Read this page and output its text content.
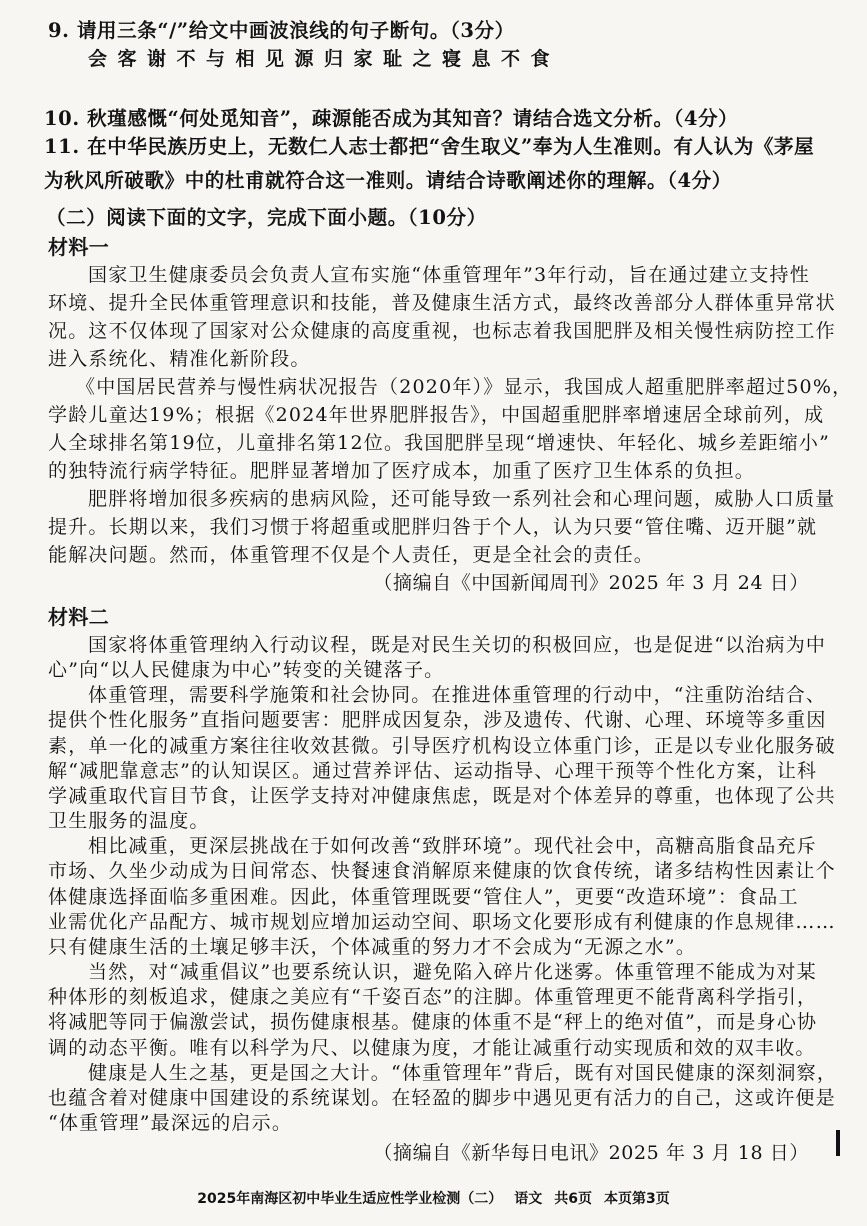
9. 请用三条“/”给文中画波浪线的句子断句。（3分）
会客谢不与相见源归家耻之寝息不食
10. 秋瑾感慨“何处觅知音”，疎源能否成为其知音？请结合选文分析。（4分）
11. 在中华民族历史上，无数仁人志士都把“舍生取义”奉为人生准则。有人认为《茅屋
为秋风所破歌》中的杜甫就符合这一准则。请结合诗歌阐述你的理解。（4分）
（二）阅读下面的文字，完成下面小题。（10分）
材料一
国家卫生健康委员会负责人宣布实施“体重管理年”3年行动，旨在通过建立支持性
环境、提升全民体重管理意识和技能，普及健康生活方式，最终改善部分人群体重异常状
况。这不仅体现了国家对公众健康的高度重视，也标志着我国肥胖及相关慢性病防控工作
进入系统化、精准化新阶段。
《中国居民营养与慢性病状况报告（2020年）》显示，我国成人超重肥胖率超过50%，
学龄儿童达19%；根据《2024年世界肥胖报告》，中国超重肥胖率增速居全球前列，成
人全球排名第19位，儿童排名第12位。我国肥胖呈现“增速快、年轻化、城乡差距缩小”
的独特流行病学特征。肥胖显著增加了医疗成本，加重了医疗卫生体系的负担。
肥胖将增加很多疾病的患病风险，还可能导致一系列社会和心理问题，威胁人口质量
提升。长期以来，我们习惯于将超重或肥胖归咎于个人，认为只要“管住嘴、迈开腿”就
能解决问题。然而，体重管理不仅是个人责任，更是全社会的责任。
（摘编自《中国新闻周刊》2025 年 3 月 24 日）
材料二
国家将体重管理纳入行动议程，既是对民生关切的积极回应，也是促进“以治病为中
心”向“以人民健康为中心”转变的关键落子。
体重管理，需要科学施策和社会协同。在推进体重管理的行动中，“注重防治结合、
提供个性化服务”直指问题要害：肥胖成因复杂，涉及遗传、代谢、心理、环境等多重因
素，单一化的减重方案往往收效甚微。引导医疗机构设立体重门诊，正是以专业化服务破
解“减肥靠意志”的认知误区。通过营养评估、运动指导、心理干预等个性化方案，让科
学减重取代盲目节食，让医学支持对冲健康焦虑，既是对个体差异的尊重，也体现了公共
卫生服务的温度。
相比减重，更深层挑战在于如何改善“致胖环境”。现代社会中，高糖高脂食品充斥
市场、久坐少动成为日间常态、快餐速食消解原来健康的饮食传统，诸多结构性因素让个
体健康选择面临多重困难。因此，体重管理既要“管住人”，更要“改造环境”：食品工
业需优化产品配方、城市规划应增加运动空间、职场文化要形成有利健康的作息规律……
只有健康生活的土壤足够丰沃，个体减重的努力才不会成为“无源之水”。
当然，对“减重倡议”也要系统认识，避免陷入碎片化迷雾。体重管理不能成为对某
种体形的刻板追求，健康之美应有“千姿百态”的注脚。体重管理更不能背离科学指引，
将减肥等同于偏激尝试，损伤健康根基。健康的体重不是“秤上的绝对值”，而是身心协
调的动态平衡。唯有以科学为尺、以健康为度，才能让减重行动实现质和效的双丰收。
健康是人生之基，更是国之大计。“体重管理年”背后，既有对国民健康的深刻洞察，
（摘编自《新华每日电讯》2025 年 3 月 18 日）
2025年南海区初中毕业生适应性学业检测（二） 语文 共6页 本页第3页
也蕴含着对健康中国建设的系统谋划。在轻盈的脚步中遇见更有活力的自己，这或许便是
“体重管理”最深远的启示。
